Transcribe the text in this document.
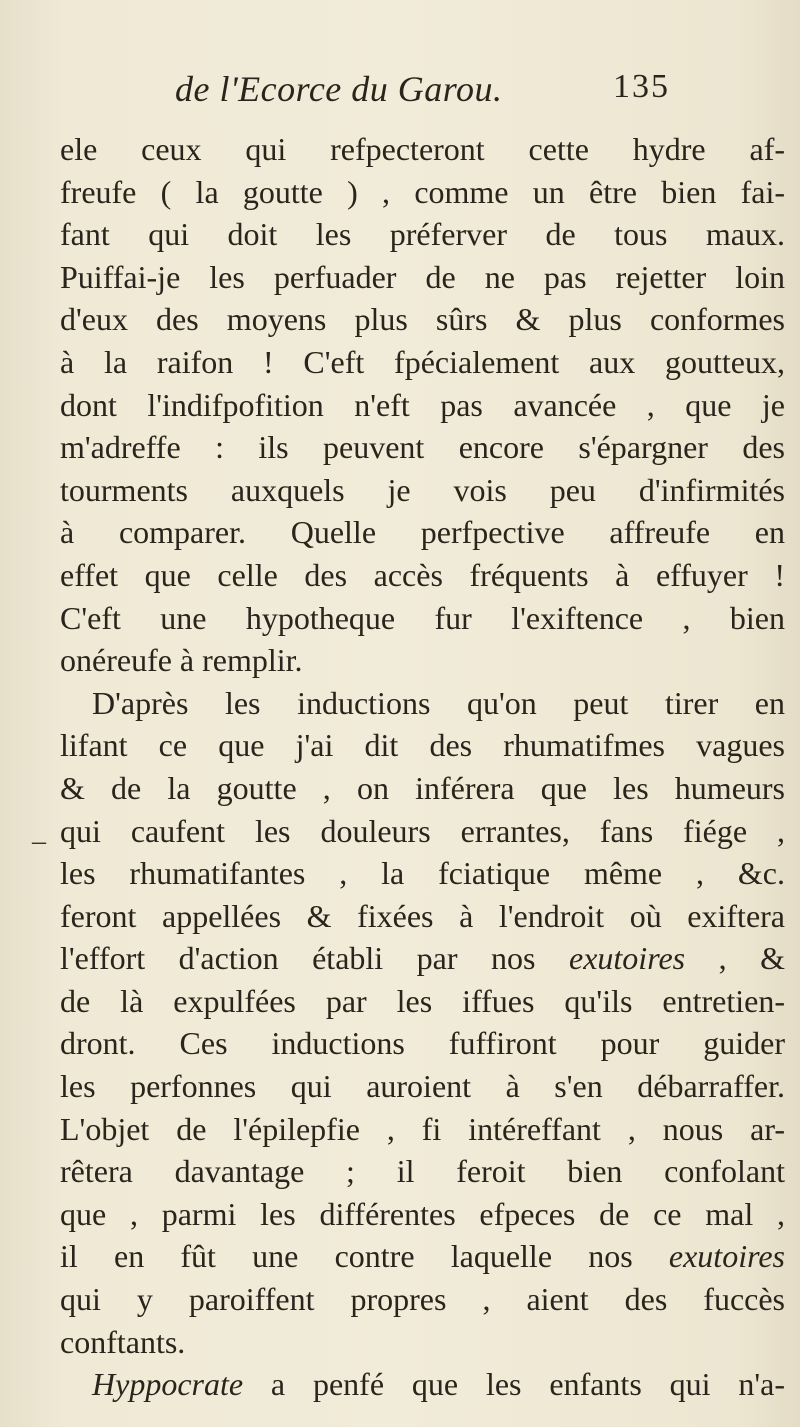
de l'Ecorce du Garou.	135
–
ele ceux qui refpecteront cette hydre af-
freufe ( la goutte ) , comme un être bien fai-
fant qui doit les préferver de tous maux.
Puiffai-je les perfuader de ne pas rejetter loin
d'eux des moyens plus sûrs & plus conformes
à la raifon ! C'eft fpécialement aux goutteux,
dont l'indifpofition n'eft pas avancée , que je
m'adreffe : ils peuvent encore s'épargner des
tourments auxquels je vois peu d'infirmités
à comparer. Quelle perfpective affreufe en
effet que celle des accès fréquents à effuyer !
C'eft une hypotheque fur l'exiftence , bien
onéreufe à remplir.
D'après les inductions qu'on peut tirer en
lifant ce que j'ai dit des rhumatifmes vagues
& de la goutte , on inférera que les humeurs
qui caufent les douleurs errantes, fans fiége ,
les rhumatifantes , la fciatique même , &c.
feront appellées & fixées à l'endroit où exiftera
l'effort d'action établi par nos exutoires , &
de là expulfées par les iffues qu'ils entretien-
dront. Ces inductions fuffiront pour guider
les perfonnes qui auroient à s'en débarraffer.
L'objet de l'épilepfie , fi intéreffant , nous ar-
rêtera davantage ; il feroit bien confolant
que , parmi les différentes efpeces de ce mal ,
il en fût une contre laquelle nos exutoires
qui y paroiffent propres , aient des fuccès
conftants.
Hyppocrate a penfé que les enfants qui n'a-
